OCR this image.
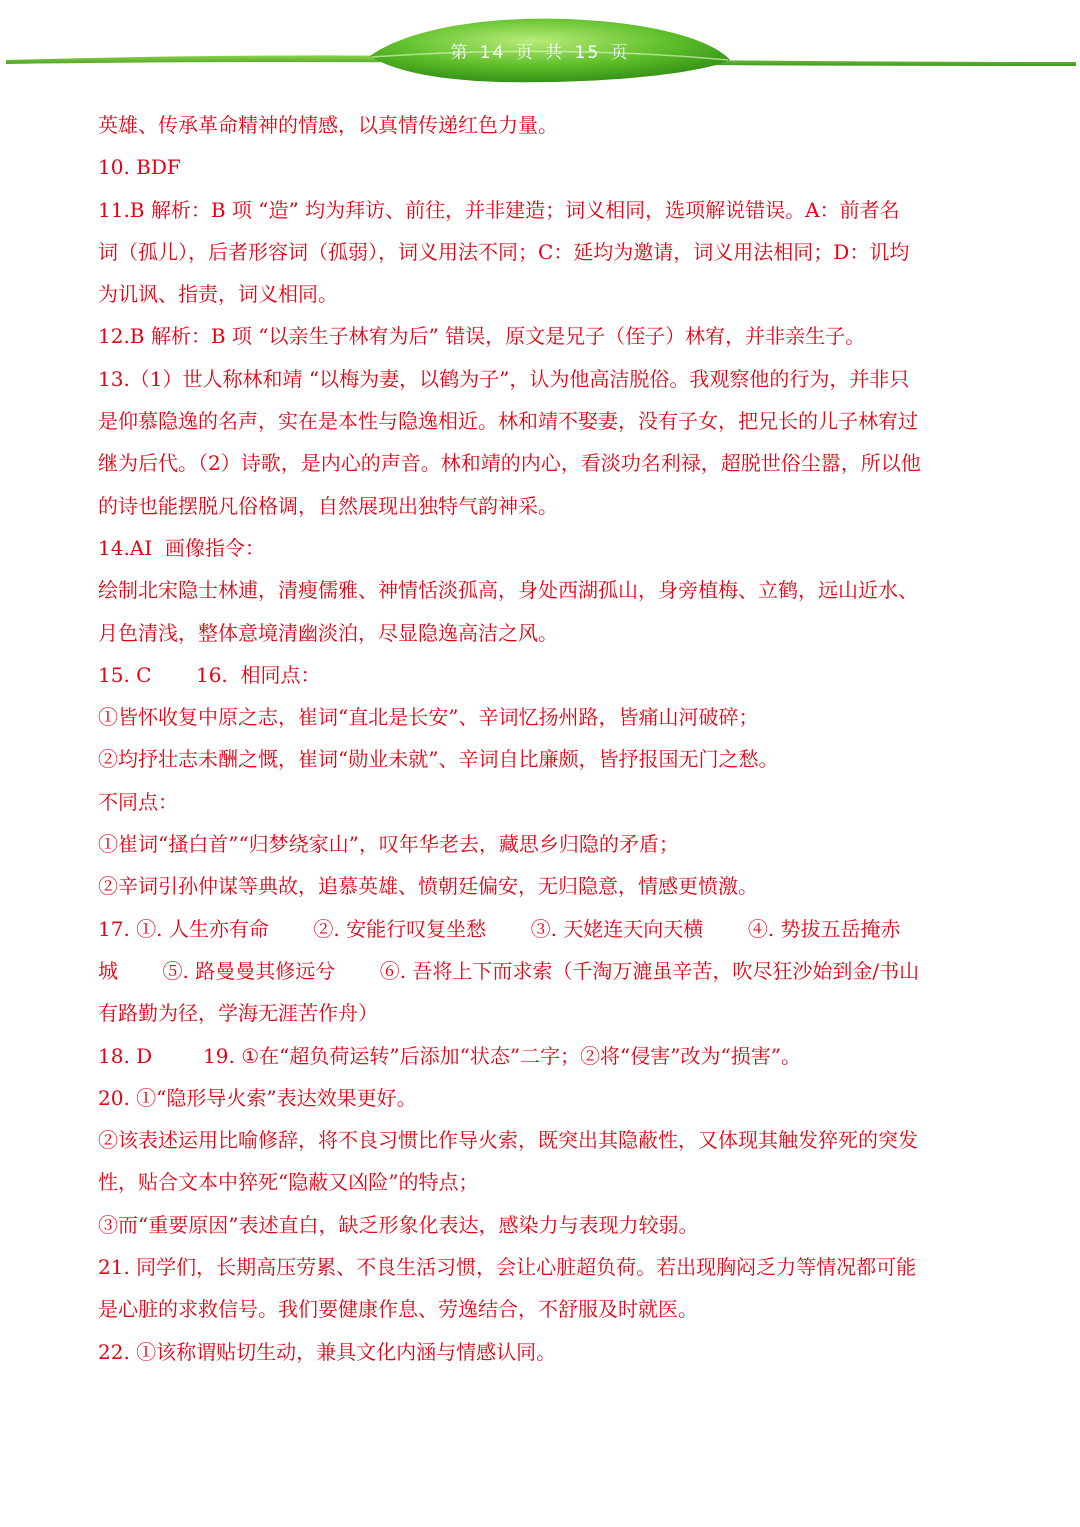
第 14 页 共 15 页
英雄、传承革命精神的情感，以真情传递红色力量。
10. BDF
11.B 解析：B 项 “造” 均为拜访、前往，并非建造；词义相同，选项解说错误。A：前者名
词（孤儿），后者形容词（孤弱），词义用法不同；C：延均为邀请，词义用法相同；D：讥均
为讥讽、指责，词义相同。
12.B 解析：B 项 “以亲生子林宥为后” 错误，原文是兄子（侄子）林宥，并非亲生子。
13.（1）世人称林和靖 “以梅为妻，以鹤为子”，认为他高洁脱俗。我观察他的行为，并非只
是仰慕隐逸的名声，实在是本性与隐逸相近。林和靖不娶妻，没有子女，把兄长的儿子林宥过
继为后代。（2）诗歌，是内心的声音。林和靖的内心，看淡功名利禄，超脱世俗尘嚣，所以他
的诗也能摆脱凡俗格调，自然展现出独特气韵神采。
14.AI  画像指令：
绘制北宋隐士林逋，清瘦儒雅、神情恬淡孤高，身处西湖孤山，身旁植梅、立鹤，远山近水、
月色清浅，整体意境清幽淡泊，尽显隐逸高洁之风。
15. C       16.  相同点：
①皆怀收复中原之志，崔词“直北是长安”、辛词忆扬州路，皆痛山河破碎；
②均抒壮志未酬之慨，崔词“勋业未就”、辛词自比廉颇，皆抒报国无门之愁。
不同点：
①崔词“搔白首”“归梦绕家山”，叹年华老去，藏思乡归隐的矛盾；
②辛词引孙仲谋等典故，追慕英雄、愤朝廷偏安，无归隐意，情感更愤激。
17. ①. 人生亦有命       ②. 安能行叹复坐愁       ③. 天姥连天向天横       ④. 势拔五岳掩赤
城       ⑤. 路曼曼其修远兮       ⑥. 吾将上下而求索（千淘万漉虽辛苦，吹尽狂沙始到金/书山
有路勤为径，学海无涯苦作舟）
18. D        19. ①在“超负荷运转”后添加“状态”二字；②将“侵害”改为“损害”。
20. ①“隐形导火索”表达效果更好。
②该表述运用比喻修辞，将不良习惯比作导火索，既突出其隐蔽性，又体现其触发猝死的突发
性，贴合文本中猝死“隐蔽又凶险”的特点；
③而“重要原因”表述直白，缺乏形象化表达，感染力与表现力较弱。
21. 同学们，长期高压劳累、不良生活习惯，会让心脏超负荷。若出现胸闷乏力等情况都可能
是心脏的求救信号。我们要健康作息、劳逸结合，不舒服及时就医。
22. ①该称谓贴切生动，兼具文化内涵与情感认同。
